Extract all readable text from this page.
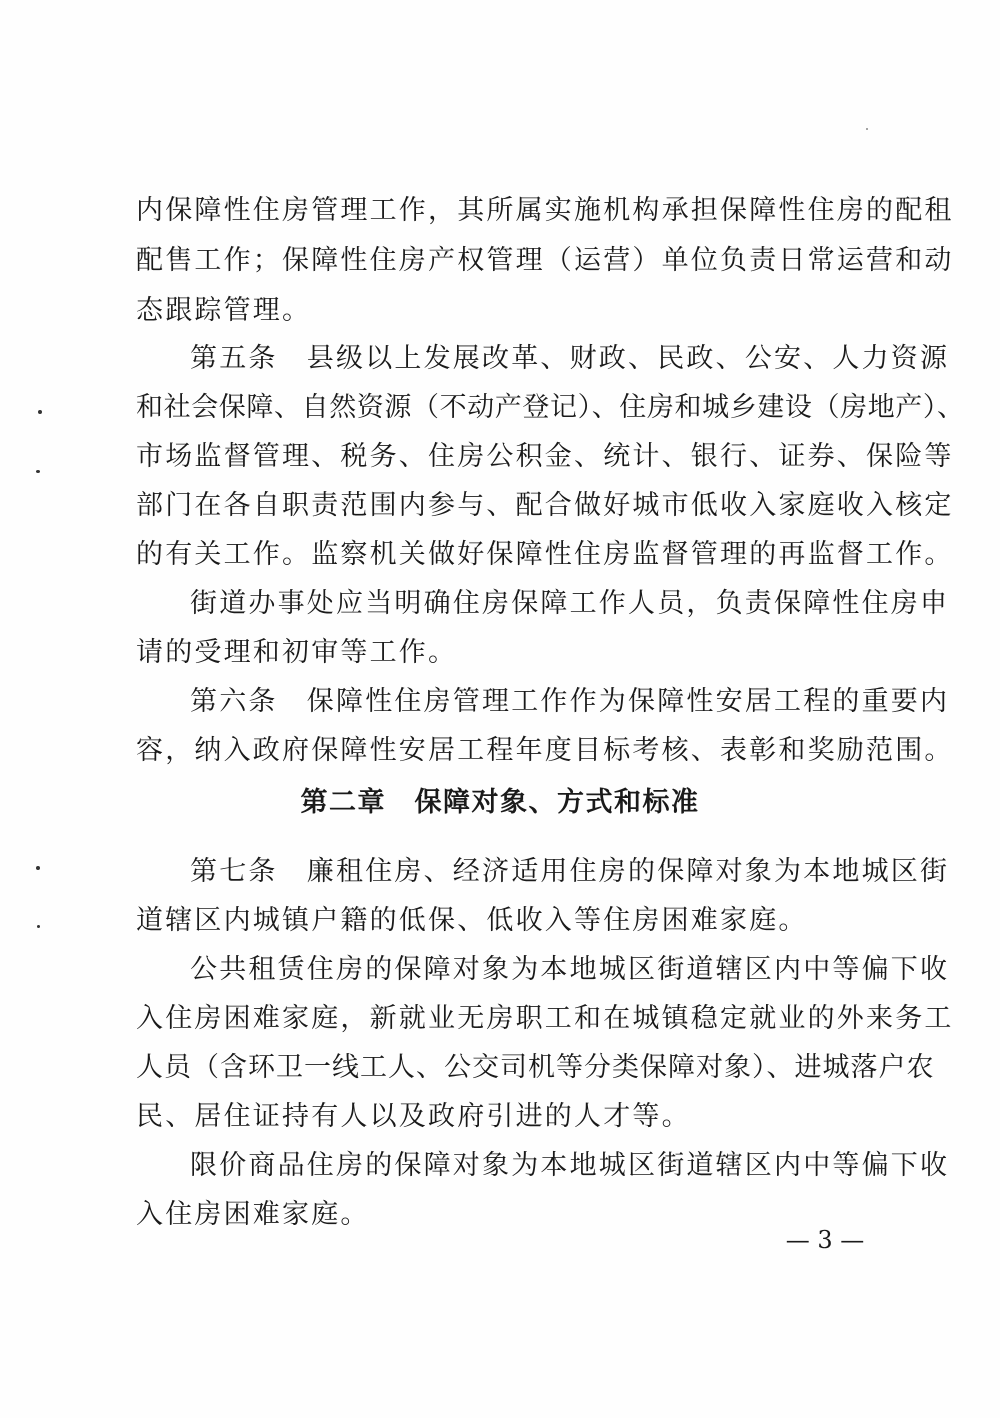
内保障性住房管理工作，其所属实施机构承担保障性住房的配租
配售工作；保障性住房产权管理（运营）单位负责日常运营和动
态跟踪管理。
第五条　县级以上发展改革、财政、民政、公安、人力资源
和社会保障、自然资源（不动产登记）、住房和城乡建设（房地产）、
市场监督管理、税务、住房公积金、统计、银行、证券、保险等
部门在各自职责范围内参与、配合做好城市低收入家庭收入核定
的有关工作。监察机关做好保障性住房监督管理的再监督工作。
街道办事处应当明确住房保障工作人员，负责保障性住房申
请的受理和初审等工作。
第六条　保障性住房管理工作作为保障性安居工程的重要内
容，纳入政府保障性安居工程年度目标考核、表彰和奖励范围。
第二章　保障对象、方式和标准
第七条　廉租住房、经济适用住房的保障对象为本地城区街
道辖区内城镇户籍的低保、低收入等住房困难家庭。
公共租赁住房的保障对象为本地城区街道辖区内中等偏下收
入住房困难家庭，新就业无房职工和在城镇稳定就业的外来务工
人员（含环卫一线工人、公交司机等分类保障对象）、进城落户农
民、居住证持有人以及政府引进的人才等。
限价商品住房的保障对象为本地城区街道辖区内中等偏下收
入住房困难家庭。
— 3 —
